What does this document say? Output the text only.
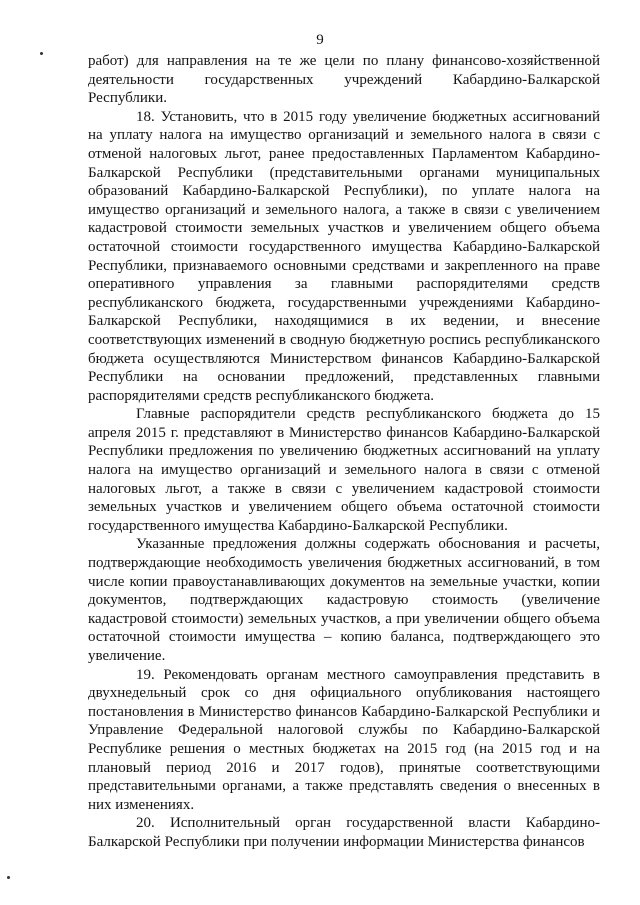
9

работ) для направления на те же цели по плану финансово-хозяйственной деятельности государственных учреждений Кабардино-Балкарской Республики.

18. Установить, что в 2015 году увеличение бюджетных ассигнований на уплату налога на имущество организаций и земельного налога в связи с отменой налоговых льгот, ранее предоставленных Парламентом Кабардино-Балкарской Республики (представительными органами муниципальных образований Кабардино-Балкарской Республики), по уплате налога на имущество организаций и земельного налога, а также в связи с увеличением кадастровой стоимости земельных участков и увеличением общего объема остаточной стоимости государственного имущества Кабардино-Балкарской Республики, признаваемого основными средствами и закрепленного на праве оперативного управления за главными распорядителями средств республиканского бюджета, государственными учреждениями Кабардино-Балкарской Республики, находящимися в их ведении, и внесение соответствующих изменений в сводную бюджетную роспись республиканского бюджета осуществляются Министерством финансов Кабардино-Балкарской Республики на основании предложений, представленных главными распорядителями средств республиканского бюджета.

Главные распорядители средств республиканского бюджета до 15 апреля 2015 г. представляют в Министерство финансов Кабардино-Балкарской Республики предложения по увеличению бюджетных ассигнований на уплату налога на имущество организаций и земельного налога в связи с отменой налоговых льгот, а также в связи с увеличением кадастровой стоимости земельных участков и увеличением общего объема остаточной стоимости государственного имущества Кабардино-Балкарской Республики.

Указанные предложения должны содержать обоснования и расчеты, подтверждающие необходимость увеличения бюджетных ассигнований, в том числе копии правоустанавливающих документов на земельные участки, копии документов, подтверждающих кадастровую стоимость (увеличение кадастровой стоимости) земельных участков, а при увеличении общего объема остаточной стоимости имущества – копию баланса, подтверждающего это увеличение.

19. Рекомендовать органам местного самоуправления представить в двухнедельный срок со дня официального опубликования настоящего постановления в Министерство финансов Кабардино-Балкарской Республики и Управление Федеральной налоговой службы по Кабардино-Балкарской Республике решения о местных бюджетах на 2015 год (на 2015 год и на плановый период 2016 и 2017 годов), принятые соответствующими представительными органами, а также представлять сведения о внесенных в них изменениях.

20. Исполнительный орган государственной власти Кабардино-Балкарской Республики при получении информации Министерства финансов
